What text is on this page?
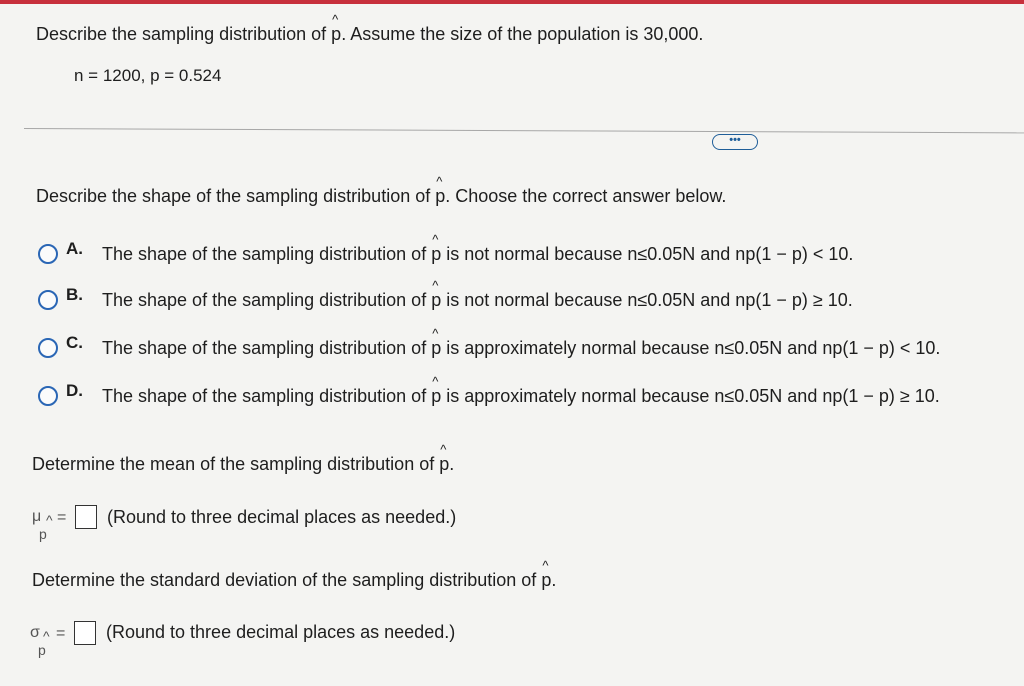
Describe the sampling distribution of ^ p. Assume the size of the population is 30,000.
n = 1200, p = 0.524
•••
Describe the shape of the sampling distribution of ^ p. Choose the correct answer below.
A. The shape of the sampling distribution of ^ p is not normal because n≤0.05N and np(1 − p) < 10.
B. The shape of the sampling distribution of ^ p is not normal because n≤0.05N and np(1 − p) ≥ 10.
C. The shape of the sampling distribution of ^ p is approximately normal because n≤0.05N and np(1 − p) < 10.
D. The shape of the sampling distribution of ^ p is approximately normal because n≤0.05N and np(1 − p) ≥ 10.
Determine the mean of the sampling distribution of ^ p.
μ ^
p
= (Round to three decimal places as needed.)
Determine the standard deviation of the sampling distribution of ^ p.
σ ^
p
= (Round to three decimal places as needed.)
